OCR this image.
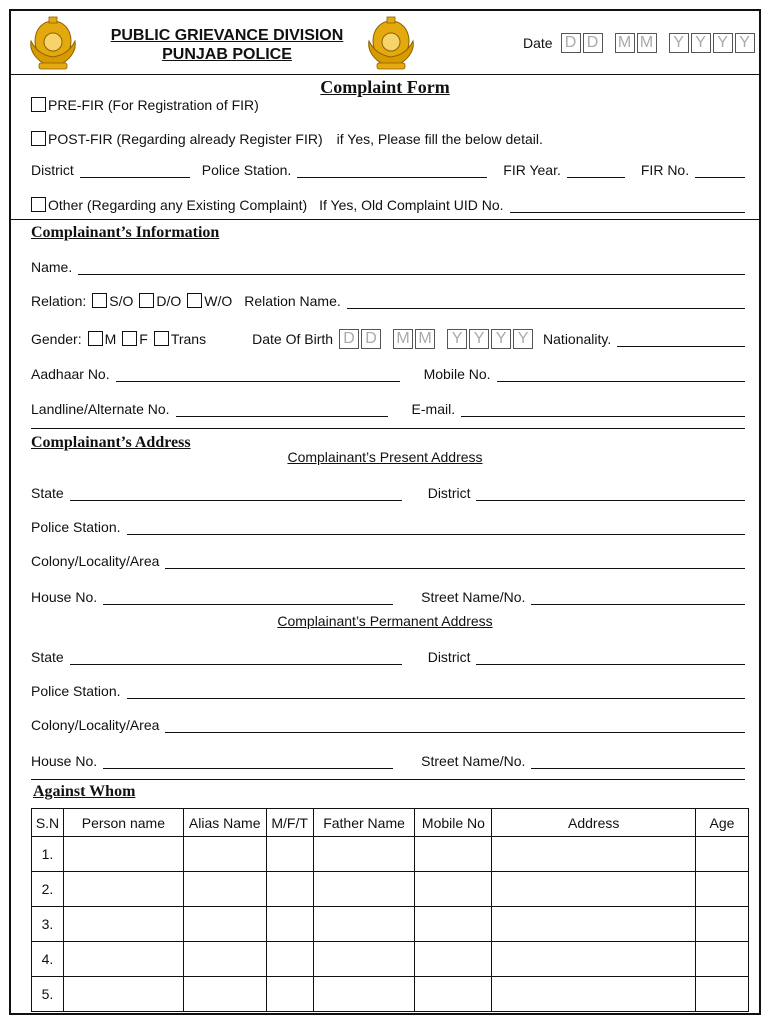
PUBLIC GRIEVANCE DIVISION
PUNJAB POLICE
Date D D M M Y Y Y Y
Complaint Form
PRE-FIR (For Registration of FIR)
POST-FIR (Regarding already Register FIR) if Yes, Please fill the below detail.
District	Police Station.	FIR Year.	FIR No.
Other (Regarding any Existing Complaint) If Yes, Old Complaint UID No.
Complainant’s Information
Name.
Relation:	S/O	D/O	W/O Relation Name.
Gender:	M	F	Trans	Date Of Birth D D M M Y Y Y Y	Nationality.
Aadhaar No.	Mobile No.
Landline/Alternate No.	E-mail.
Complainant’s Address
Complainant’s Present Address
State	District
Police Station.
Colony/Locality/Area
House No.	Street Name/No.
Complainant’s Permanent Address
State	District
Police Station.
Colony/Locality/Area
House No.	Street Name/No.
Against Whom
S.N	Person name	Alias Name	M/F/T	Father Name	Mobile No	Address	Age
1.							
2.							
3.							
4.							
5.							
